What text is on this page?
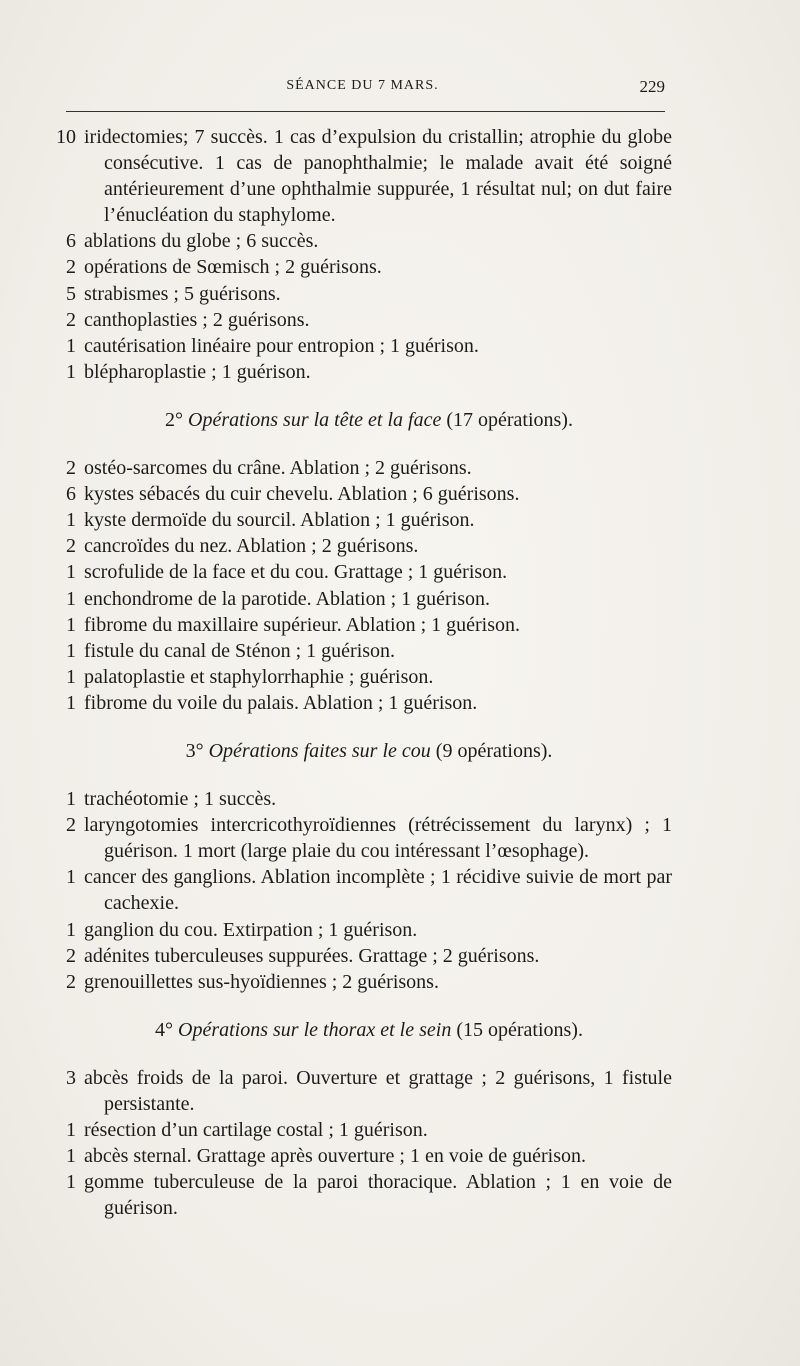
SÉANCE DU 7 MARS.	229
10 iridectomies; 7 succès. 1 cas d’expulsion du cristallin; atrophie du globe consécutive. 1 cas de panophthalmie; le malade avait été soigné antérieurement d’une ophthalmie suppurée, 1 résultat nul; on dut faire l’énucléation du staphylome.
6 ablations du globe ; 6 succès.
2 opérations de Sœmisch ; 2 guérisons.
5 strabismes ; 5 guérisons.
2 canthoplasties ; 2 guérisons.
1 cautérisation linéaire pour entropion ; 1 guérison.
1 blépharoplastie ; 1 guérison.
2° Opérations sur la tête et la face (17 opérations).
2 ostéo-sarcomes du crâne. Ablation ; 2 guérisons.
6 kystes sébacés du cuir chevelu. Ablation ; 6 guérisons.
1 kyste dermoïde du sourcil. Ablation ; 1 guérison.
2 cancroïdes du nez. Ablation ; 2 guérisons.
1 scrofulide de la face et du cou. Grattage ; 1 guérison.
1 enchondrome de la parotide. Ablation ; 1 guérison.
1 fibrome du maxillaire supérieur. Ablation ; 1 guérison.
1 fistule du canal de Sténon ; 1 guérison.
1 palatoplastie et staphylorrhaphie ; guérison.
1 fibrome du voile du palais. Ablation ; 1 guérison.
3° Opérations faites sur le cou (9 opérations).
1 trachéotomie ; 1 succès.
2 laryngotomies intercricothyroïdiennes (rétrécissement du larynx) ; 1 guérison. 1 mort (large plaie du cou intéressant l’œsophage).
1 cancer des ganglions. Ablation incomplète ; 1 récidive suivie de mort par cachexie.
1 ganglion du cou. Extirpation ; 1 guérison.
2 adénites tuberculeuses suppurées. Grattage ; 2 guérisons.
2 grenouillettes sus-hyoïdiennes ; 2 guérisons.
4° Opérations sur le thorax et le sein (15 opérations).
3 abcès froids de la paroi. Ouverture et grattage ; 2 guérisons, 1 fistule persistante.
1 résection d’un cartilage costal ; 1 guérison.
1 abcès sternal. Grattage après ouverture ; 1 en voie de guérison.
1 gomme tuberculeuse de la paroi thoracique. Ablation ; 1 en voie de guérison.
